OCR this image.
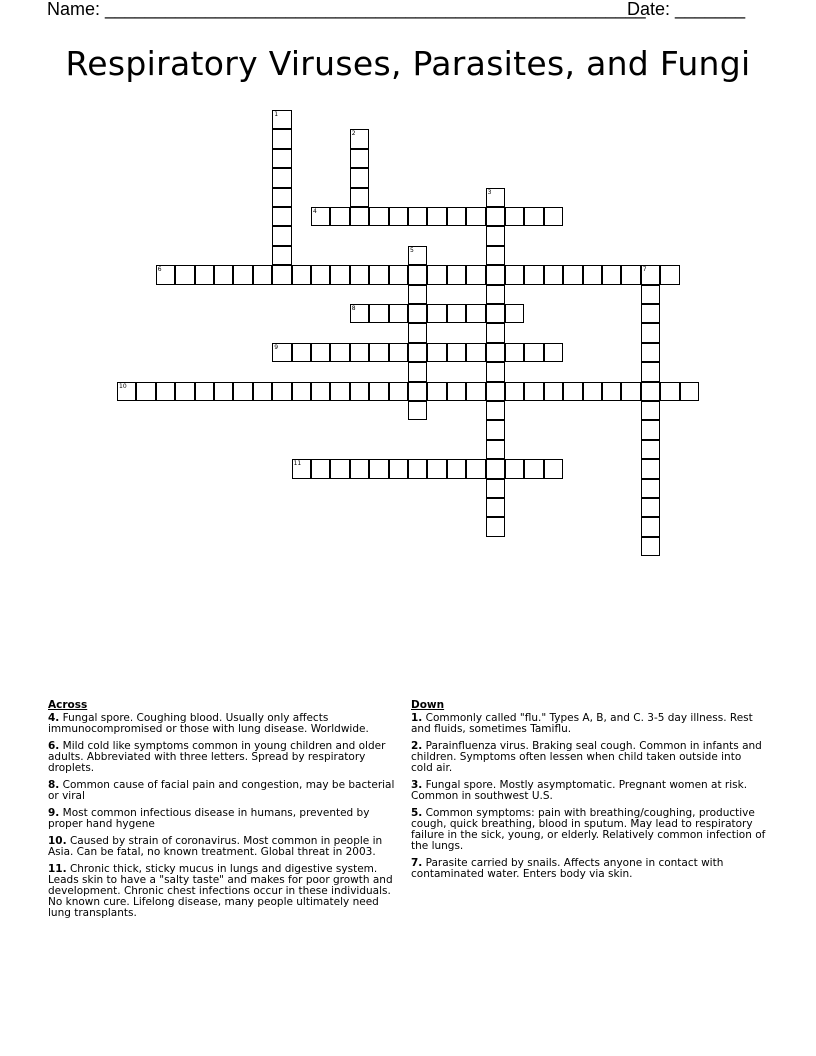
Name: ______________________________________________________
Date: _______
Respiratory Viruses, Parasites, and Fungi
1
2
3
4
5
6	7
8
9
10
11
Across
4. Fungal spore. Coughing blood. Usually only affects immunocompromised or those with lung disease. Worldwide.
6. Mild cold like symptoms common in young children and older adults. Abbreviated with three letters. Spread by respiratory droplets.
8. Common cause of facial pain and congestion, may be bacterial or viral
9. Most common infectious disease in humans, prevented by proper hand hygene
10. Caused by strain of coronavirus. Most common in people in Asia. Can be fatal, no known treatment. Global threat in 2003.
11. Chronic thick, sticky mucus in lungs and digestive system. Leads skin to have a "salty taste" and makes for poor growth and development. Chronic chest infections occur in these individuals. No known cure. Lifelong disease, many people ultimately need lung transplants.
Down
1. Commonly called "flu." Types A, B, and C. 3-5 day illness. Rest and fluids, sometimes Tamiflu.
2. Parainfluenza virus. Braking seal cough. Common in infants and children. Symptoms often lessen when child taken outside into cold air.
3. Fungal spore. Mostly asymptomatic. Pregnant women at risk. Common in southwest U.S.
5. Common symptoms: pain with breathing/coughing, productive cough, quick breathing, blood in sputum. May lead to respiratory failure in the sick, young, or elderly. Relatively common infection of the lungs.
7. Parasite carried by snails. Affects anyone in contact with contaminated water. Enters body via skin.
